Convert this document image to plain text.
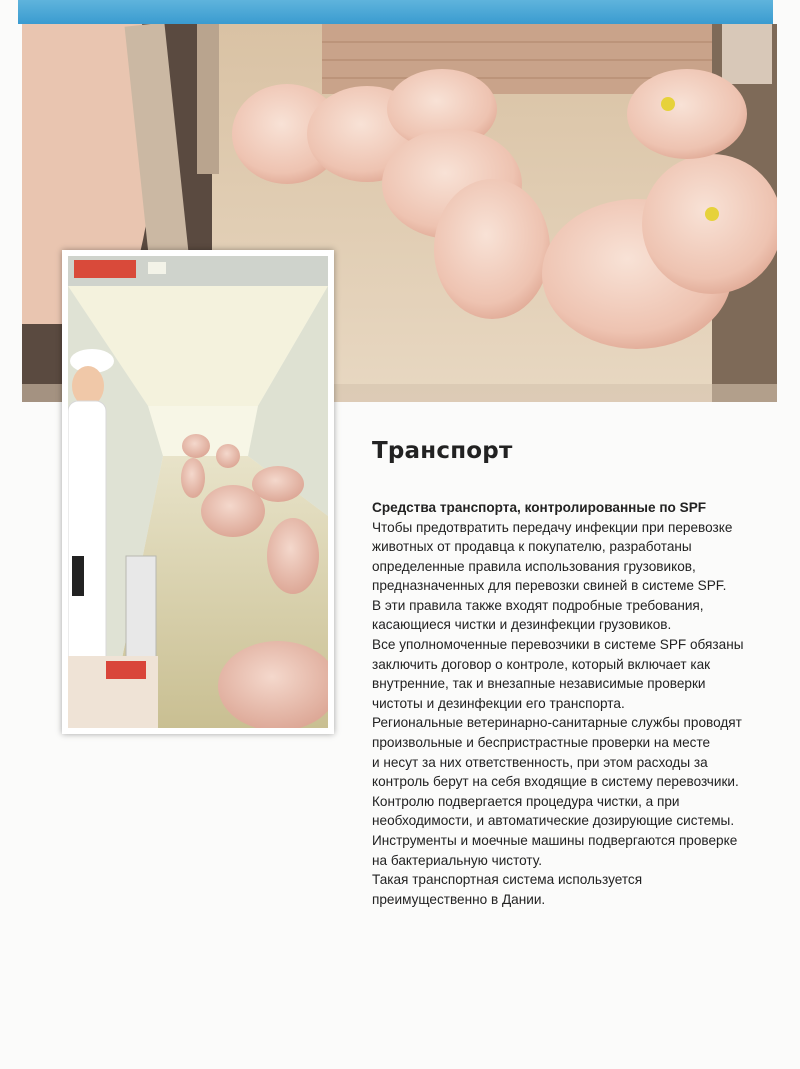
Транспорт
Средства транспорта, контролированные по SPF
Чтобы предотвратить передачу инфекции при перевозке
животных от продавца к покупателю, разработаны
определенные правила использования грузовиков,
предназначенных для перевозки свиней в системе SPF.
В эти правила также входят подробные требования,
касающиеся чистки и дезинфекции грузовиков.
Все уполномоченные перевозчики в системе SPF обязаны
заключить договор о контроле, который включает как
внутренние, так и внезапные независимые проверки
чистоты и дезинфекции его транспорта.
Региональные ветеринарно-санитарные службы проводят
произвольные и беспристрастные проверки на месте
и несут за них ответственность, при этом расходы за
контроль берут на себя входящие в систему перевозчики.
Контролю подвергается процедура чистки, а при
необходимости, и автоматические дозирующие системы.
Инструменты и моечные машины подвергаются проверке
на бактериальную чистоту.
Такая транспортная система используется
преимущественно в Дании.
